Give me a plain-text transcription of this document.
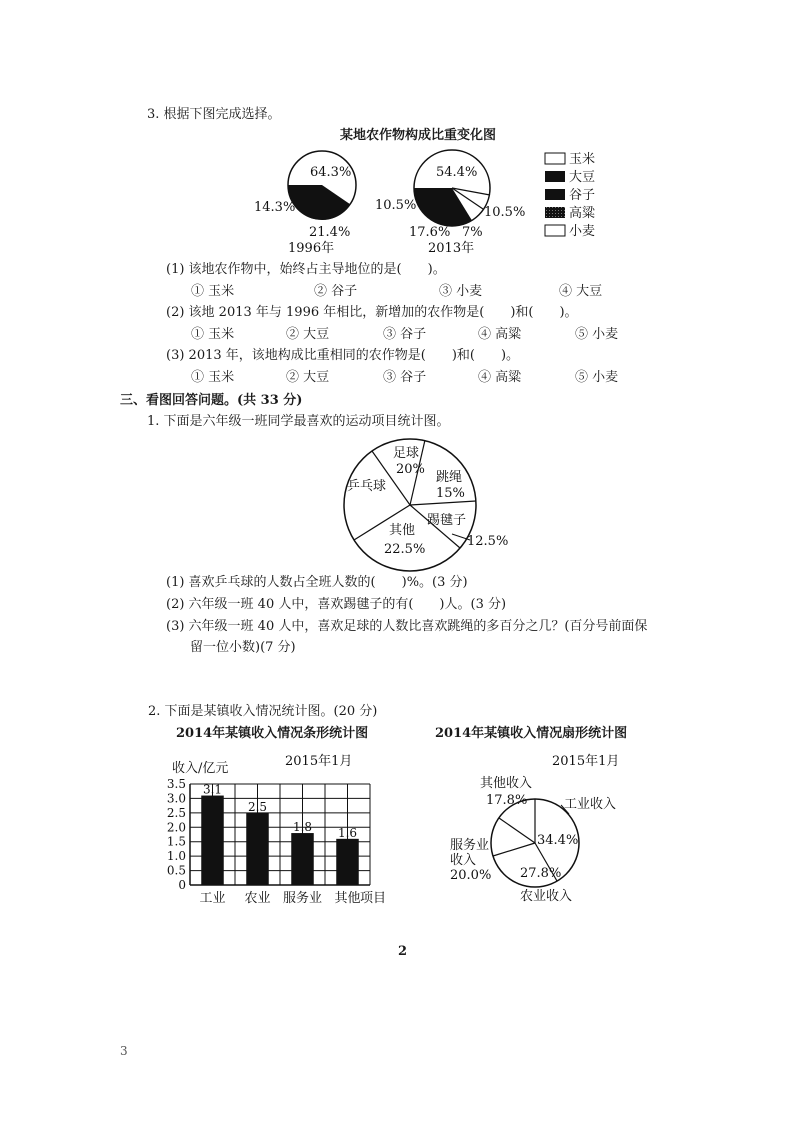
3. 根据下图完成选择。
某地农作物构成比重变化图
64.3%
14.3%
21.4%
1996年
54.4%
10.5%	10.5%
17.6% 7%
2013年
玉米
大豆
谷子
高粱
小麦
(1) 该地农作物中，始终占主导地位的是(　　)。
① 玉米	② 谷子	③ 小麦	④ 大豆
(2) 该地 2013 年与 1996 年相比，新增加的农作物是(　　)和(　　)。
① 玉米	② 大豆	③ 谷子	④ 高粱	⑤ 小麦
(3) 2013 年，该地构成比重相同的农作物是(　　)和(　　)。
① 玉米	② 大豆	③ 谷子	④ 高粱	⑤ 小麦
三、看图回答问题。(共 33 分)
1. 下面是六年级一班同学最喜欢的运动项目统计图。
足球
20%
跳绳
15%
乒乓球
踢毽子
12.5%
其他
22.5%
(1) 喜欢乒乓球的人数占全班人数的(　　)%。(3 分)
(2) 六年级一班 40 人中，喜欢踢毽子的有(　　)人。(3 分)
(3) 六年级一班 40 人中，喜欢足球的人数比喜欢跳绳的多百分之几？(百分号前面保
留一位小数)(7 分)
2. 下面是某镇收入情况统计图。(20 分)
2014年某镇收入情况条形统计图	2014年某镇收入情况扇形统计图
2015年1月
收入/亿元
0
0.5
1.0
1.5
2.0
2.5
3.0
3.5 3.1
2.5
1.8 1.6
工业 农业 服务业 其他 项目
2015年1月
其他收入
17.8%	工业收入
34.4%
服务业
收入
20.0% 27.8%
农业收入
2
3
